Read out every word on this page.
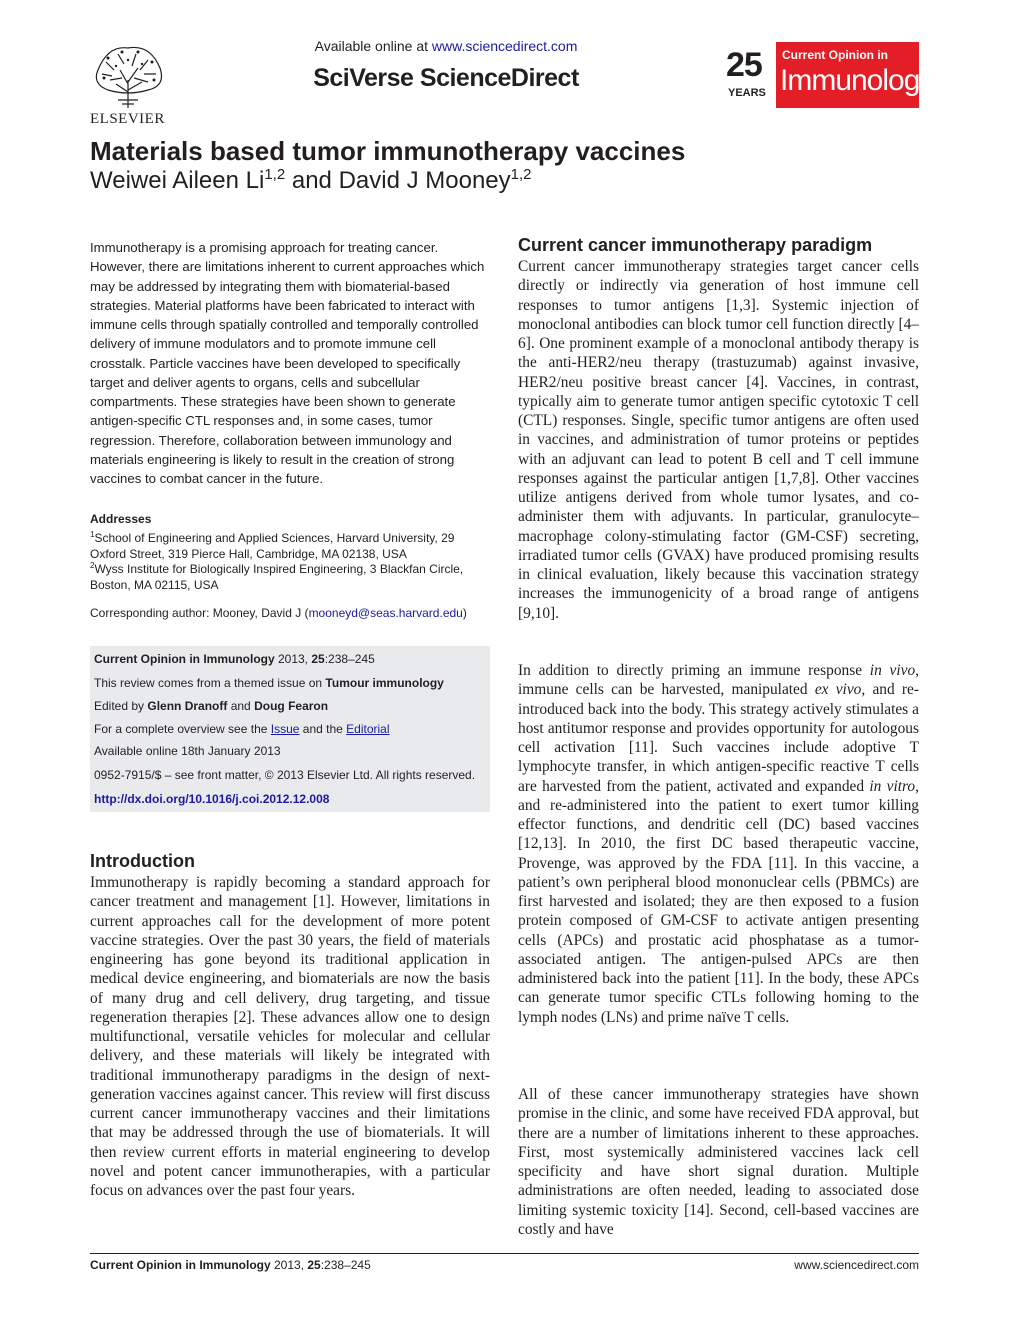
ELSEVIER
Available online at www.sciencedirect.com
SciVerse ScienceDirect	25
YEARS
Current Opinion in
Immunology
Materials based tumor immunotherapy vaccines
Weiwei Aileen Li$^{1,2}$ and David J Mooney$^{1,2}$
Immunotherapy is a promising approach for treating cancer. However, there are limitations inherent to current approaches which may be addressed by integrating them with biomaterial-based strategies. Material platforms have been fabricated to interact with immune cells through spatially controlled and temporally controlled delivery of immune modulators and to promote immune cell crosstalk. Particle vaccines have been developed to specifically target and deliver agents to organs, cells and subcellular compartments. These strategies have been shown to generate antigen-specific CTL responses and, in some cases, tumor regression. Therefore, collaboration between immunology and materials engineering is likely to result in the creation of strong vaccines to combat cancer in the future.
Addresses
$^1$School of Engineering and Applied Sciences, Harvard University, 29 Oxford Street, 319 Pierce Hall, Cambridge, MA 02138, USA
$^2$Wyss Institute for Biologically Inspired Engineering, 3 Blackfan Circle, Boston, MA 02115, USA
Corresponding author: Mooney, David J (mooneyd@seas.harvard.edu)
Current Opinion in Immunology 2013, 25:238–245
This review comes from a themed issue on Tumour immunology
Edited by Glenn Dranoff and Doug Fearon
For a complete overview see the Issue and the Editorial
Available online 18th January 2013
0952-7915/$ – see front matter, © 2013 Elsevier Ltd. All rights reserved.
http://dx.doi.org/10.1016/j.coi.2012.12.008
Introduction
Immunotherapy is rapidly becoming a standard approach for cancer treatment and management [1]. However, limitations in current approaches call for the development of more potent vaccine strategies. Over the past 30 years, the field of materials engineering has gone beyond its traditional application in medical device engineering, and biomaterials are now the basis of many drug and cell delivery, drug targeting, and tissue regeneration therapies [2]. These advances allow one to design multifunctional, versatile vehicles for molecular and cellular delivery, and these materials will likely be integrated with traditional immunotherapy paradigms in the design of next-generation vaccines against cancer. This review will first discuss current cancer immunotherapy vaccines and their limitations that may be addressed through the use of biomaterials. It will then review current efforts in material engineering to develop novel and potent cancer immunotherapies, with a particular focus on advances over the past four years.
Current cancer immunotherapy paradigm
Current cancer immunotherapy strategies target cancer cells directly or indirectly via generation of host immune cell responses to tumor antigens [1,3]. Systemic injection of monoclonal antibodies can block tumor cell function directly [4–6]. One prominent example of a monoclonal antibody therapy is the anti-HER2/neu therapy (trastuzumab) against invasive, HER2/neu positive breast cancer [4]. Vaccines, in contrast, typically aim to generate tumor antigen specific cytotoxic T cell (CTL) responses. Single, specific tumor antigens are often used in vaccines, and administration of tumor proteins or peptides with an adjuvant can lead to potent B cell and T cell immune responses against the particular antigen [1,7,8]. Other vaccines utilize antigens derived from whole tumor lysates, and co-administer them with adjuvants. In particular, granulocyte–macrophage colony-stimulating factor (GM-CSF) secreting, irradiated tumor cells (GVAX) have produced promising results in clinical evaluation, likely because this vaccination strategy increases the immunogenicity of a broad range of antigens [9,10].
In addition to directly priming an immune response in vivo, immune cells can be harvested, manipulated ex vivo, and re-introduced back into the body. This strategy actively stimulates a host antitumor response and provides opportunity for autologous cell activation [11]. Such vaccines include adoptive T lymphocyte transfer, in which antigen-specific reactive T cells are harvested from the patient, activated and expanded in vitro, and re-administered into the patient to exert tumor killing effector functions, and dendritic cell (DC) based vaccines [12,13]. In 2010, the first DC based therapeutic vaccine, Provenge, was approved by the FDA [11]. In this vaccine, a patient’s own peripheral blood mononuclear cells (PBMCs) are first harvested and isolated; they are then exposed to a fusion protein composed of GM-CSF to activate antigen presenting cells (APCs) and prostatic acid phosphatase as a tumor-associated antigen. The antigen-pulsed APCs are then administered back into the patient [11]. In the body, these APCs can generate tumor specific CTLs following homing to the lymph nodes (LNs) and prime naïve T cells.
All of these cancer immunotherapy strategies have shown promise in the clinic, and some have received FDA approval, but there are a number of limitations inherent to these approaches. First, most systemically administered vaccines lack cell specificity and have short signal duration. Multiple administrations are often needed, leading to associated dose limiting systemic toxicity [14]. Second, cell-based vaccines are costly and have
Current Opinion in Immunology 2013, 25:238–245	www.sciencedirect.com
